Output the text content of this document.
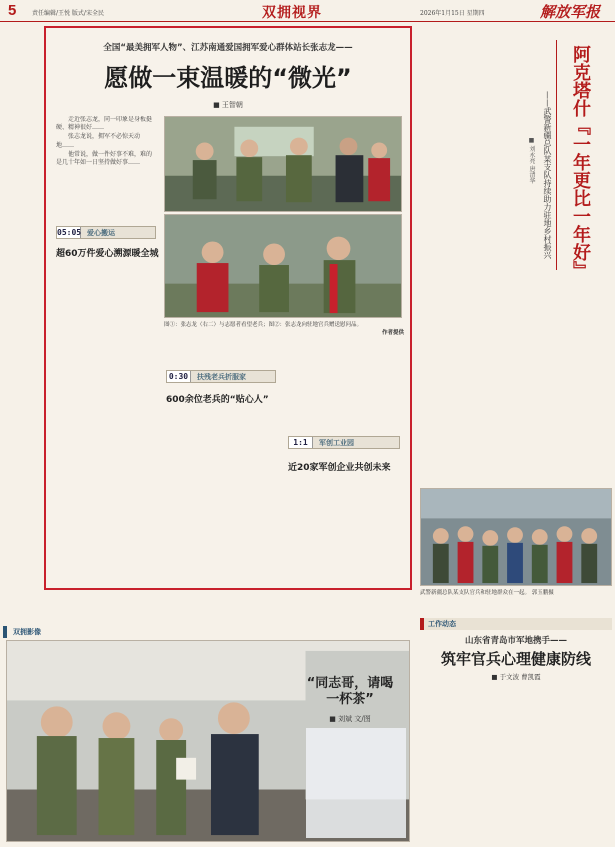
5	责任编辑/王悦 版式/宋全民	双拥视界	2026年1月15日 星期四	解放军报
全国“最美拥军人物”、江苏南通爱国拥军爱心群体站长张志龙——
愿做一束温暖的“微光”
■ 王智朝

走近张志龙，同一印象是身板挺硬、精神很好……

张志龙说，拥军不必惊天动地……

他常说，做一件好事不难，难的是几十年如一日坚持做好事……

图①：张志龙（右二）与志愿者看望老兵；图②：张志龙向驻地官兵赠送慰问品。
作者提供
05:05 爱心搬运
超60万件爱心溯源暖全城
0:30 扶残老兵折服家
600余位老兵的“贴心人”
1:1 军创工业园
近20家军创企业共创未来
阿克塔什『一年更比一年好』
——武警新疆总队某支队持续助力驻地乡村振兴
■ 刘永亮 唐清华
武警新疆总队某支队官兵和驻地群众在一起。 郭玉鹏摄
双拥影像
“同志哥，请喝一杯茶”
■ 刘斌 文/图
工作动态
山东省青岛市军地携手——
筑牢官兵心理健康防线
■ 于文波 曹凯霞
